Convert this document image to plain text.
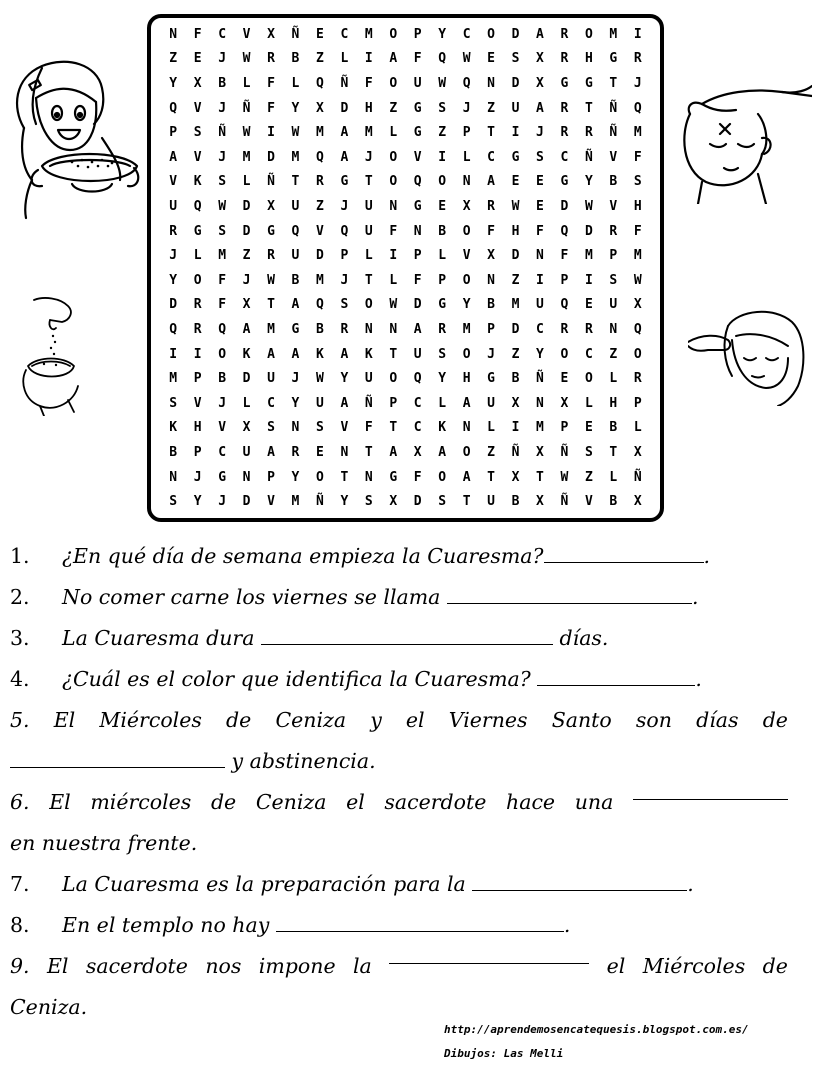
N	F	C	V	X	Ñ	E	C	M	O	P	Y	C	O	D	A	R	O	M	I
Z	E	J	W	R	B	Z	L	I	A	F	Q	W	E	S	X	R	H	G	R
Y	X	B	L	F	L	Q	Ñ	F	O	U	W	Q	N	D	X	G	G	T	J
Q	V	J	Ñ	F	Y	X	D	H	Z	G	S	J	Z	U	A	R	T	Ñ	Q
P	S	Ñ	W	I	W	M	A	M	L	G	Z	P	T	I	J	R	R	Ñ	M
A	V	J	M	D	M	Q	A	J	O	V	I	L	C	G	S	C	Ñ	V	F
V	K	S	L	Ñ	T	R	G	T	O	Q	O	N	A	E	E	G	Y	B	S
U	Q	W	D	X	U	Z	J	U	N	G	E	X	R	W	E	D	W	V	H
R	G	S	D	G	Q	V	Q	U	F	N	B	O	F	H	F	Q	D	R	F
J	L	M	Z	R	U	D	P	L	I	P	L	V	X	D	N	F	M	P	M
Y	O	F	J	W	B	M	J	T	L	F	P	O	N	Z	I	P	I	S	W
D	R	F	X	T	A	Q	S	O	W	D	G	Y	B	M	U	Q	E	U	X
Q	R	Q	A	M	G	B	R	N	N	A	R	M	P	D	C	R	R	N	Q
I	I	O	K	A	A	K	A	K	T	U	S	O	J	Z	Y	O	C	Z	O
M	P	B	D	U	J	W	Y	U	O	Q	Y	H	G	B	Ñ	E	O	L	R
S	V	J	L	C	Y	U	A	Ñ	P	C	L	A	U	X	N	X	L	H	P
K	H	V	X	S	N	S	V	F	T	C	K	N	L	I	M	P	E	B	L
B	P	C	U	A	R	E	N	T	A	X	A	O	Z	Ñ	X	Ñ	S	T	X
N	J	G	N	P	Y	O	T	N	G	F	O	A	T	X	T	W	Z	L	Ñ
S	Y	J	D	V	M	Ñ	Y	S	X	D	S	T	U	B	X	Ñ	V	B	X
1. ¿En qué día de semana empieza la Cuaresma?	.
2. No comer carne los viernes se llama	.
3. La Cuaresma dura	días.
4. ¿Cuál es el color que identifica la Cuaresma?	.
5. El Miércoles de Ceniza y el Viernes Santo son días de
y abstinencia.
6. El miércoles de Ceniza el sacerdote hace una
en nuestra frente.
7. La Cuaresma es la preparación para la	.
8. En el templo no hay	.
9. El sacerdote nos impone la	el Miércoles de
Ceniza.
http://aprendemosencatequesis.blogspot.com.es/
Dibujos: Las Melli
